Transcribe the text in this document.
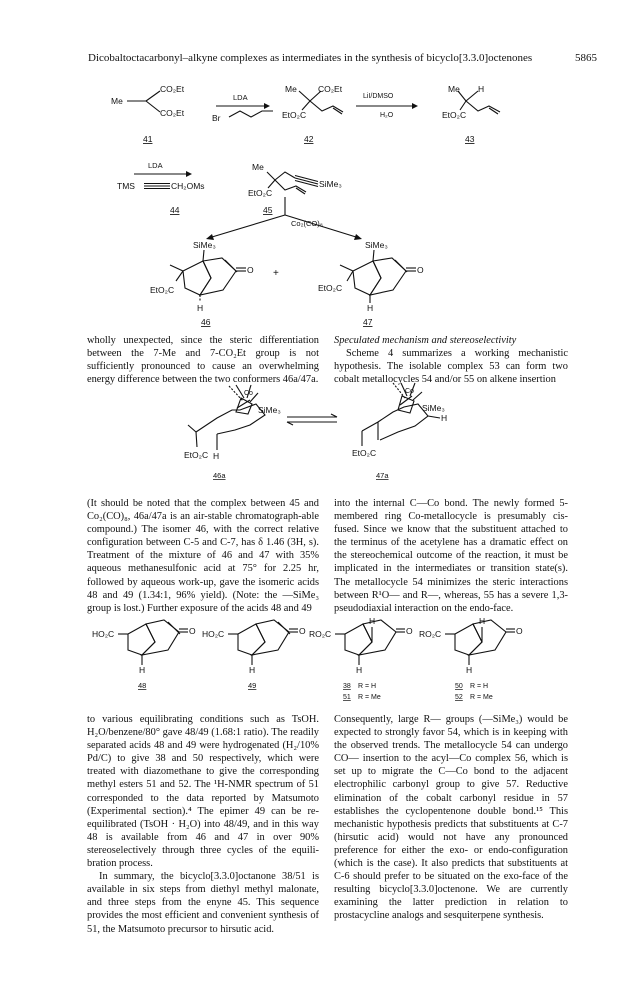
Dicobaltoctacarbonyl–alkyne complexes as intermediates in the synthesis of bicyclo[3.3.0]octenones	5865
Me
CO₂Et
CO₂Et
41
LDA
Br
Me CO₂Et
EtO₂C
42
LiI/DMSO
H₂O
Me H
EtO₂C
43
LDA
TMS	CH₂OMs
44
Me
SiMe₃
EtO₂C
45
Co₂(CO)₈
SiMe₃
O
EtO₂C
H
46
+
SiMe₃
O
EtO₂C
H
47
Co
SiMe₃
EtO₂C H
46a
Co
SiMe₃
H
EtO₂C
47a
HO₂C	O
H
48
HO₂C	O
H
49
RO₂C
H
O
H
38 R = H
51 R = Me
RO₂C
H
O
H
50 R = H
52 R = Me

wholly unexpected, since the steric differentiation between the 7-Me and 7-CO₂Et group is not sufficiently pronounced to cause an overwhelming energy difference between the two conformers 46a/47a.

Speculated mechanism and stereoselectivity

Scheme 4 summarizes a working mechanistic hypothesis. The isolable complex 53 can form two cobalt metallocycles 54 and/or 55 on alkene insertion

(It should be noted that the complex between 45 and Co₂(CO)₈, 46a/47a is an air-stable chromatograph-able compound.) The isomer 46, with the correct relative configuration between C-5 and C-7, has δ 1.46 (3H, s). Treatment of the mixture of 46 and 47 with 35% aqueous methanesulfonic acid at 75° for 2.25 hr, followed by aqueous work-up, gave the isomeric acids 48 and 49 (1.34:1, 96% yield). (Note: the —SiMe₃ group is lost.) Further exposure of the acids 48 and 49

into the internal C—Co bond. The newly formed 5-membered ring Co-metallocycle is presumably cis-fused. Since we know that the substituent attached to the terminus of the acetylene has a dramatic effect on the stereochemical outcome of the reaction, it must be implicated in the intermediates or transition state(s). The metallocycle 54 minimizes the steric interactions between R¹O— and R—, whereas, 55 has a severe 1,3-pseudodiaxial interaction on the endo-face.

to various equilibrating conditions such as TsOH. H₂O/benzene/80° gave 48/49 (1.68:1 ratio). The readily separated acids 48 and 49 were hydrogenated (H₂/10% Pd/C) to give 38 and 50 respectively, which were treated with diazomethane to give the corresponding methyl esters 51 and 52. The ¹H-NMR spectrum of 51 corresponded to the data reported by Matsumoto (Experimental section).⁴ The epimer 49 can be re-equilibrated (TsOH · H₂O) into 48/49, and in this way 48 is available from 46 and 47 in over 90% stereoselectively through three cycles of the equili-bration process.

In summary, the bicyclo[3.3.0]octanone 38/51 is available in six steps from diethyl methyl malonate, and three steps from the enyne 45. This sequence provides the most efficient and convenient synthesis of 51, the Matsumoto precursor to hirsutic acid.

Consequently, large R— groups (—SiMe₃) would be expected to strongly favor 54, which is in keeping with the observed trends. The metallocycle 54 can undergo CO— insertion to the acyl—Co complex 56, which is set up to migrate the C—Co bond to the adjacent electrophilic carbonyl group to give 57. Reductive elimination of the cobalt carbonyl residue in 57 establishes the cyclopentenone double bond.¹⁵ This mechanistic hypothesis predicts that substituents at C-7 (hirsutic acid) would not have any pronounced preference for either the exo- or endo-configuration (which is the case). It also predicts that substituents at C-6 should prefer to be situated on the exo-face of the resulting bicyclo[3.3.0]octenone. We are currently examining the latter prediction in relation to prostacycline analogs and sesquiterpene synthesis.
